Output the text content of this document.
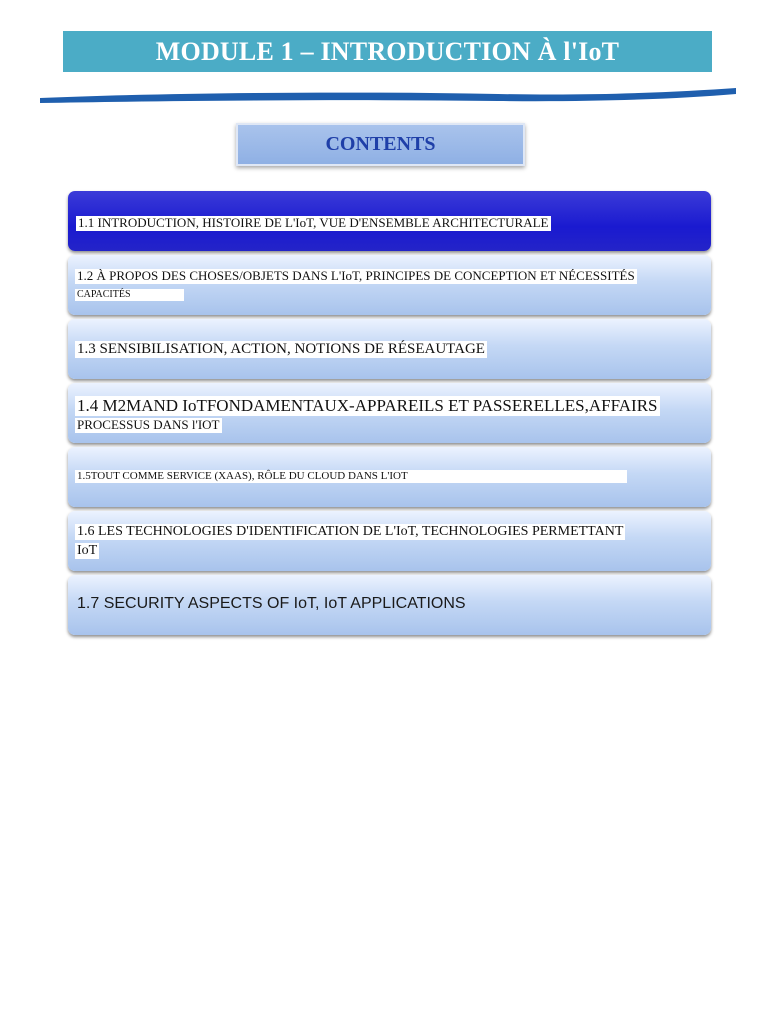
MODULE 1 – INTRODUCTION À l'IoT
CONTENTS
1.1 INTRODUCTION, HISTOIRE DE L'IoT, VUE D'ENSEMBLE ARCHITECTURALE
1.2 À PROPOS DES CHOSES/OBJETS DANS L'IoT, PRINCIPES DE CONCEPTION ET NÉCESSITÉS
CAPACITÉS
1.3 SENSIBILISATION, ACTION, NOTIONS DE RÉSEAUTAGE
1.4 M2MAND IoTFONDAMENTAUX-APPAREILS ET PASSERELLES,AFFAIRS
PROCESSUS DANS l'IOT
1.5TOUT COMME SERVICE (XAAS), RÔLE DU CLOUD DANS L'IOT
1.6 LES TECHNOLOGIES D'IDENTIFICATION DE L'IoT, TECHNOLOGIES PERMETTANT
IoT
1.7 SECURITY ASPECTS OF IoT, IoT APPLICATIONS
